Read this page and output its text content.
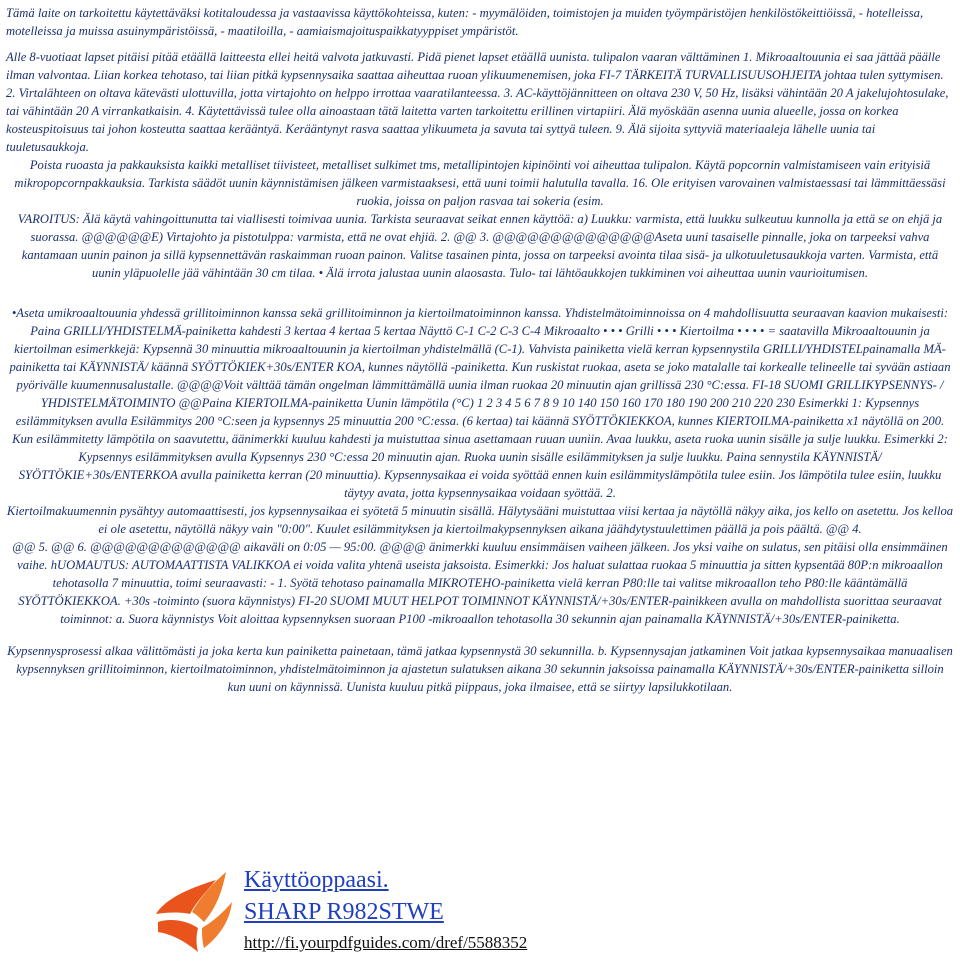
Tämä laite on tarkoitettu käytettäväksi kotitaloudessa ja vastaavissa käyttökohteissa, kuten: - myymälöiden, toimistojen ja muiden työympäristöjen henkilöstökeittiöissä, - hotelleissa, motelleissa ja muissa asuinympäristöissä, - maatiloilla, - aamiaismajoituspaikkatyyppiset ympäristöt.

Alle 8-vuotiaat lapset pitäisi pitää etäällä laitteesta ellei heitä valvota jatkuvasti. Pidä pienet lapset etäällä uunista. tulipalon vaaran välttäminen 1. Mikroaaltouunia ei saa jättää päälle ilman valvontaa. Liian korkea tehotaso, tai liian pitkä kypsennysaika saattaa aiheuttaa ruoan ylikuumenemisen, joka FI-7 TÄRKEITÄ TURVALLISUUSOHJEITA johtaa tulen syttymisen. 2. Virtalähteen on oltava kätevästi ulottuvilla, jotta virtajohto on helppo irrottaa vaaratilanteessa. 3. AC-käyttöjännitteen on oltava 230 V, 50 Hz, lisäksi vähintään 20 A jakelujohtosulake, tai vähintään 20 A virrankatkaisin. 4. Käytettävissä tulee olla ainoastaan tätä laitetta varten tarkoitettu erillinen virtapiiri. Älä myöskään asenna uunia alueelle, jossa on korkea kosteuspitoisuus tai johon kosteutta saattaa kerääntyä. Kerääntynyt rasva saattaa ylikuumeta ja savuta tai syttyä tuleen. 9. Älä sijoita syttyviä materiaaleja lähelle uunia tai tuuletusaukkoja.

Poista ruoasta ja pakkauksista kaikki metalliset tiivisteet, metalliset sulkimet tms, metallipintojen kipinöinti voi aiheuttaa tulipalon. Käytä popcornin valmistamiseen vain erityisiä mikropopcornpakkauksia. Tarkista säädöt uunin käynnistämisen jälkeen varmistaaksesi, että uuni toimii halutulla tavalla. 16. Ole erityisen varovainen valmistaessasi tai lämmittäessäsi ruokia, joissa on paljon rasvaa tai sokeria (esim.

VAROITUS: Älä käytä vahingoittunutta tai viallisesti toimivaa uunia. Tarkista seuraavat seikat ennen käyttöä: a) Luukku: varmista, että luukku sulkeutuu kunnolla ja että se on ehjä ja suorassa. @@@@@@E) Virtajohto ja pistotulppa: varmista, että ne ovat ehjiä. 2. @@ 3. @@@@@@@@@@@@@@Aseta uuni tasaiselle pinnalle, joka on tarpeeksi vahva kantamaan uunin painon ja sillä kypsennettävän raskaimman ruoan painon. Valitse tasainen pinta, jossa on tarpeeksi avointa tilaa sisä- ja ulkotuuletusaukkoja varten. Varmista, että uunin yläpuolelle jää vähintään 30 cm tilaa. • Älä irrota jalustaa uunin alaosasta. Tulo- tai lähtöaukkojen tukkiminen voi aiheuttaa uunin vaurioitumisen.

•Aseta umikroaaltouunia yhdessä grillitoiminnon kanssa sekä grillitoiminnon ja kiertoilmatoiminnon kanssa. Yhdistelmätoiminnoissa on 4 mahdollisuutta seuraavan kaavion mukaisesti: Paina GRILLI/YHDISTELMÄ-painiketta kahdesti 3 kertaa 4 kertaa 5 kertaa Näyttö C-1 C-2 C-3 C-4 Mikroaalto • • • Grilli • • • Kiertoilma • • • • = saatavilla Mikroaaltouunin ja kiertoilman esimerkkejä: Kypsennä 30 minuuttia mikroaaltouunin ja kiertoilman yhdistelmällä (C-1). Vahvista painiketta vielä kerran kypsennystila GRILLI/YHDISTELpainamalla MÄ-painiketta tai KÄYNNISTÄ/ käännä SYÖTTÖKIEK+30s/ENTER KOA, kunnes näytöllä -painiketta. Kun ruskistat ruokaa, aseta se joko matalalle tai korkealle telineelle tai syvään astiaan pyörivälle kuumennusalustalle. @@@@Voit välttää tämän ongelman lämmittämällä uunia ilman ruokaa 20 minuutin ajan grillissä 230 °C:essa. FI-18 SUOMI GRILLIKYPSENNYS- / YHDISTELMÄTOIMINTO @@Paina KIERTOILMA-painiketta Uunin lämpötila (°C) 1 2 3 4 5 6 7 8 9 10 140 150 160 170 180 190 200 210 220 230 Esimerkki 1: Kypsennys esilämmityksen avulla Esilämmitys 200 °C:seen ja kypsennys 25 minuuttia 200 °C:essa. (6 kertaa) tai käännä SYÖTTÖKIEKKOA, kunnes KIERTOILMA-painiketta x1 näytöllä on 200. Kun esilämmitetty lämpötila on saavutettu, äänimerkki kuuluu kahdesti ja muistuttaa sinua asettamaan ruuan uuniin. Avaa luukku, aseta ruoka uunin sisälle ja sulje luukku. Esimerkki 2: Kypsennys esilämmityksen avulla Kypsennys 230 °C:essa 20 minuutin ajan. Ruoka uunin sisälle esilämmityksen ja sulje luukku. Paina sennystila KÄYNNISTÄ/ SYÖTTÖKIE+30s/ENTERKOA avulla painiketta kerran (20 minuuttia). Kypsennysaikaa ei voida syöttää ennen kuin esilämmityslämpötila tulee esiin. Jos lämpötila tulee esiin, luukku täytyy avata, jotta kypsennysaikaa voidaan syöttää. 2.

Kiertoilmakuumennin pysähtyy automaattisesti, jos kypsennysaikaa ei syötetä 5 minuutin sisällä. Hälytysääni muistuttaa viisi kertaa ja näytöllä näkyy aika, jos kello on asetettu. Jos kelloa ei ole asetettu, näytöllä näkyy vain "0:00". Kuulet esilämmityksen ja kiertoilmakypsennyksen aikana jäähdytystuulettimen päällä ja pois päältä. @@ 4.

@@ 5. @@ 6. @@@@@@@@@@@@@ aikaväli on 0:05 — 95:00. @@@@ änimerkki kuuluu ensimmäisen vaiheen jälkeen. Jos yksi vaihe on sulatus, sen pitäisi olla ensimmäinen vaihe. hUOMAUTUS: AUTOMAATTISTA VALIKKOA ei voida valita yhtenä useista jaksoista. Esimerkki: Jos haluat sulattaa ruokaa 5 minuuttia ja sitten kypsentää 80P:n mikroaallon tehotasolla 7 minuuttia, toimi seuraavasti: - 1. Syötä tehotaso painamalla MIKROTEHO-painiketta vielä kerran P80:lle tai valitse mikroaallon teho P80:lle kääntämällä SYÖTTÖKIEKKOA. +30s -toiminto (suora käynnistys) FI-20 SUOMI MUUT HELPOT TOIMINNOT KÄYNNISTÄ/+30s/ENTER-painikkeen avulla on mahdollista suorittaa seuraavat toiminnot: a. Suora käynnistys Voit aloittaa kypsennyksen suoraan P100 -mikroaallon tehotasolla 30 sekunnin ajan painamalla KÄYNNISTÄ/+30s/ENTER-painiketta.

Kypsennysprosessi alkaa välittömästi ja joka kerta kun painiketta painetaan, tämä jatkaa kypsennystä 30 sekunnilla. b. Kypsennysajan jatkaminen Voit jatkaa kypsennysaikaa manuaalisen kypsennyksen grillitoiminnon, kiertoilmatoiminnon, yhdistelmätoiminnon ja ajastetun sulatuksen aikana 30 sekunnin jaksoissa painamalla KÄYNNISTÄ/+30s/ENTER-painiketta silloin kun uuni on käynnissä. Uunista kuuluu pitkä piippaus, joka ilmaisee, että se siirtyy lapsilukkotilaan.

Käyttöoppaasi.
SHARP R982STWE
http://fi.yourpdfguides.com/dref/5588352
